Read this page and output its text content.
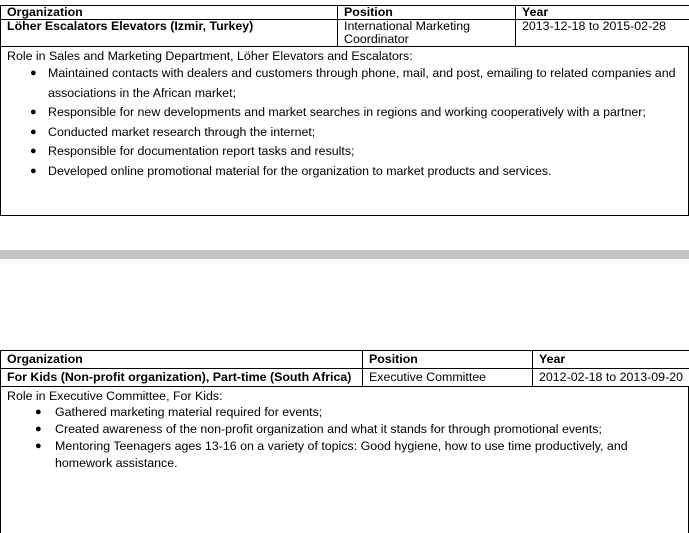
Organization	Position	Year
Löher Escalators Elevators (Izmir, Turkey)	International Marketing Coordinator	2013-12-18 to 2015-02-28
Role in Sales and Marketing Department, Löher Elevators and Escalators:
● Maintained contacts with dealers and customers through phone, mail, and post, emailing to related companies and associations in the African market;
● Responsible for new developments and market searches in regions and working cooperatively with a partner;
● Conducted market research through the internet;
● Responsible for documentation report tasks and results;
● Developed online promotional material for the organization to market products and services.
Organization	Position	Year
For Kids (Non-profit organization), Part-time (South Africa)	Executive Committee	2012-02-18 to 2013-09-20
Role in Executive Committee, For Kids:
● Gathered marketing material required for events;
● Created awareness of the non-profit organization and what it stands for through promotional events;
● Mentoring Teenagers ages 13-16 on a variety of topics: Good hygiene, how to use time productively, and homework assistance.
